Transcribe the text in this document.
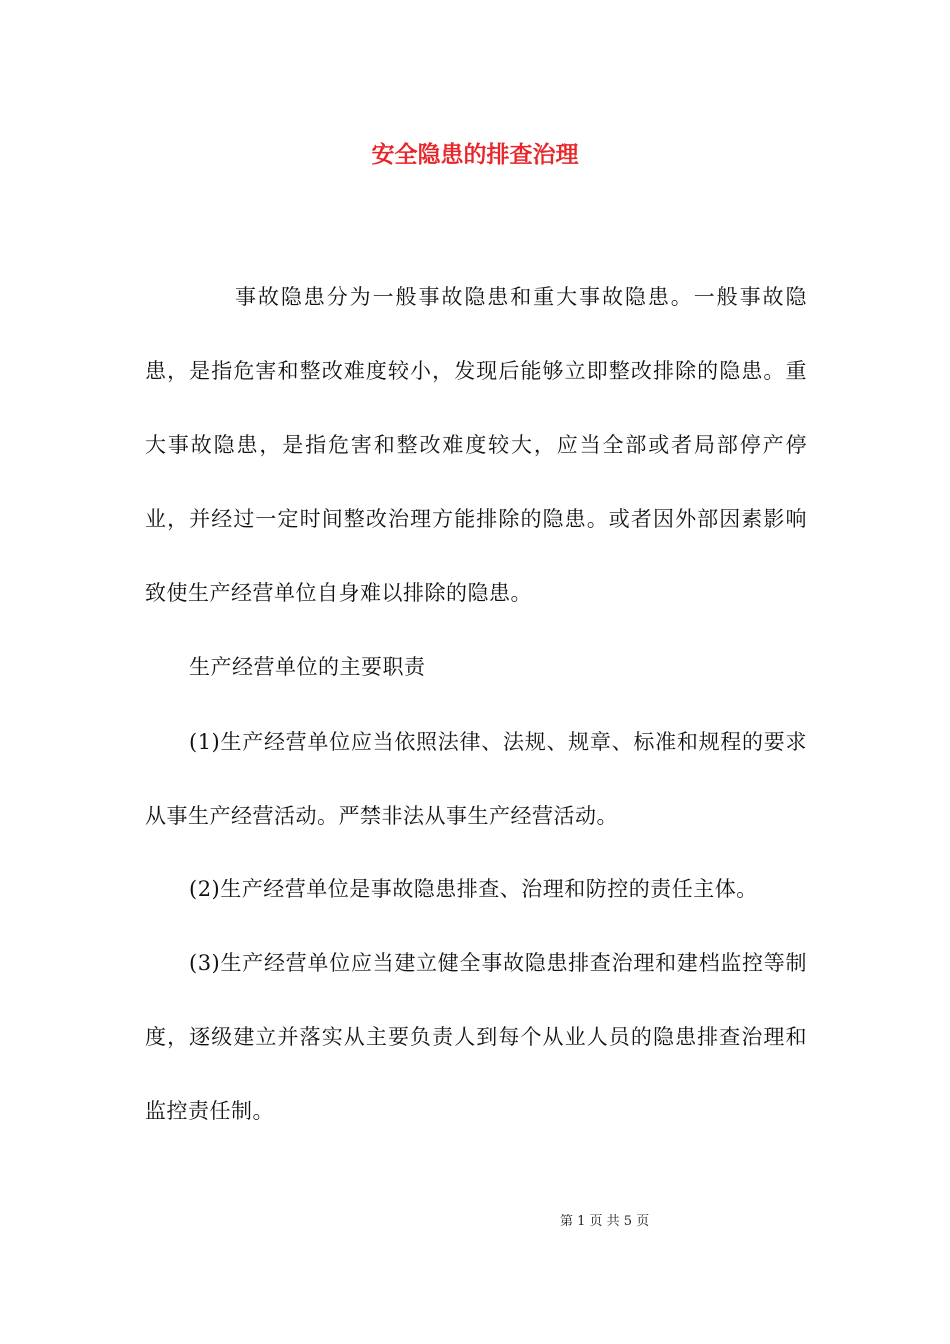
安全隐患的排查治理
事故隐患分为一般事故隐患和重大事故隐患。一般事故隐患，是指危害和整改难度较小，发现后能够立即整改排除的隐患。重大事故隐患，是指危害和整改难度较大，应当全部或者局部停产停业，并经过一定时间整改治理方能排除的隐患。或者因外部因素影响致使生产经营单位自身难以排除的隐患。
生产经营单位的主要职责
(1)生产经营单位应当依照法律、法规、规章、标准和规程的要求从事生产经营活动。严禁非法从事生产经营活动。
(2)生产经营单位是事故隐患排查、治理和防控的责任主体。
(3)生产经营单位应当建立健全事故隐患排查治理和建档监控等制度，逐级建立并落实从主要负责人到每个从业人员的隐患排查治理和监控责任制。
第 1 页 共 5 页
